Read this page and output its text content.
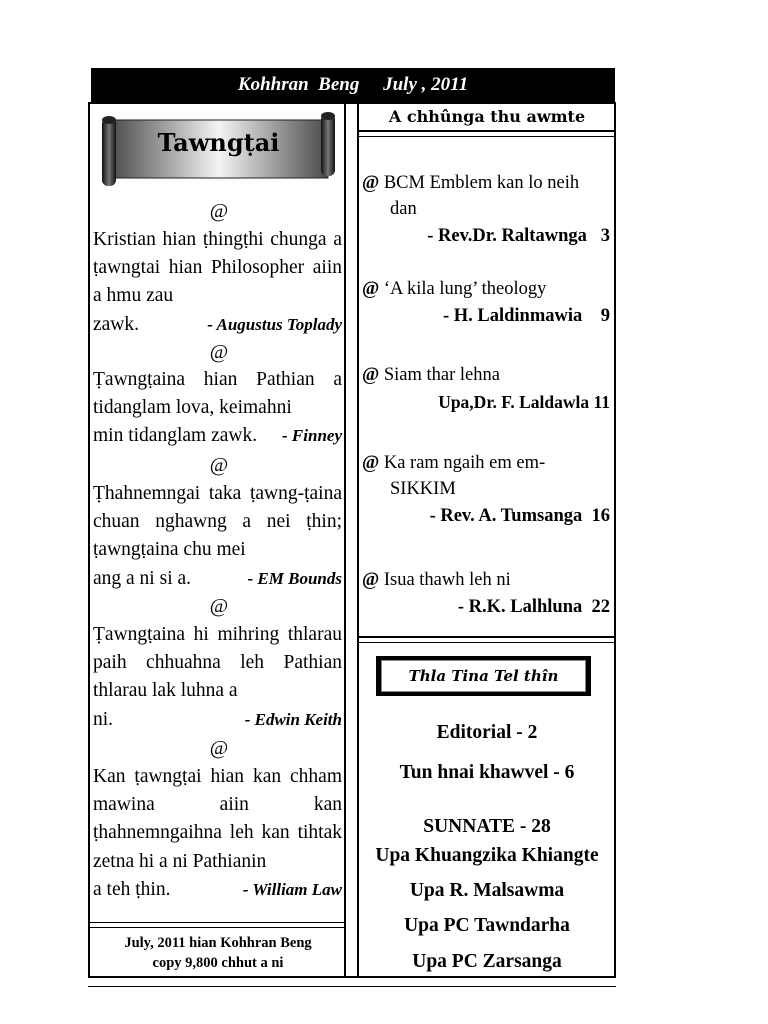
Kohhran  Beng     July , 2011
Tawngṭai
@
Kristian hian ṭhingṭhi chunga a ṭawngtai hian Philosopher aiin a hmu zau
zawk.	- Augustus Toplady
@
Ṭawngṭaina hian Pathian a tidanglam lova, keimahni
min tidanglam zawk. - Finney
@
Ṭhahnemngai taka ṭawng-ṭaina chuan nghawng a nei ṭhin; ṭawngṭaina chu mei
ang a ni si a.	- EM Bounds
@
Ṭawngṭaina hi mihring thlarau paih chhuahna leh Pathian thlarau lak luhna a
ni.	- Edwin Keith
@
Kan ṭawngṭai hian kan chham mawina aiin kan ṭhahnemngaihna leh kan tihtak zetna hi a ni Pathianin
a teh ṭhin.	- William Law
July, 2011 hian Kohhran Beng
copy 9,800 chhut a ni
A chhûnga thu awmte
@ BCM Emblem kan lo neih
dan
- Rev.Dr. Raltawnga   3
@ ‘A kila lung’ theology
- H. Laldinmawia    9
@ Siam thar lehna
Upa,Dr. F. Laldawla 11
@ Ka ram ngaih em em-
SIKKIM
- Rev. A. Tumsanga  16
@ Isua thawh leh ni
- R.K. Lalhluna  22
Thla Tina Tel thîn
Editorial - 2
Tun hnai khawvel - 6
SUNNATE - 28
Upa Khuangzika Khiangte
Upa R. Malsawma
Upa PC Tawndarha
Upa PC Zarsanga
